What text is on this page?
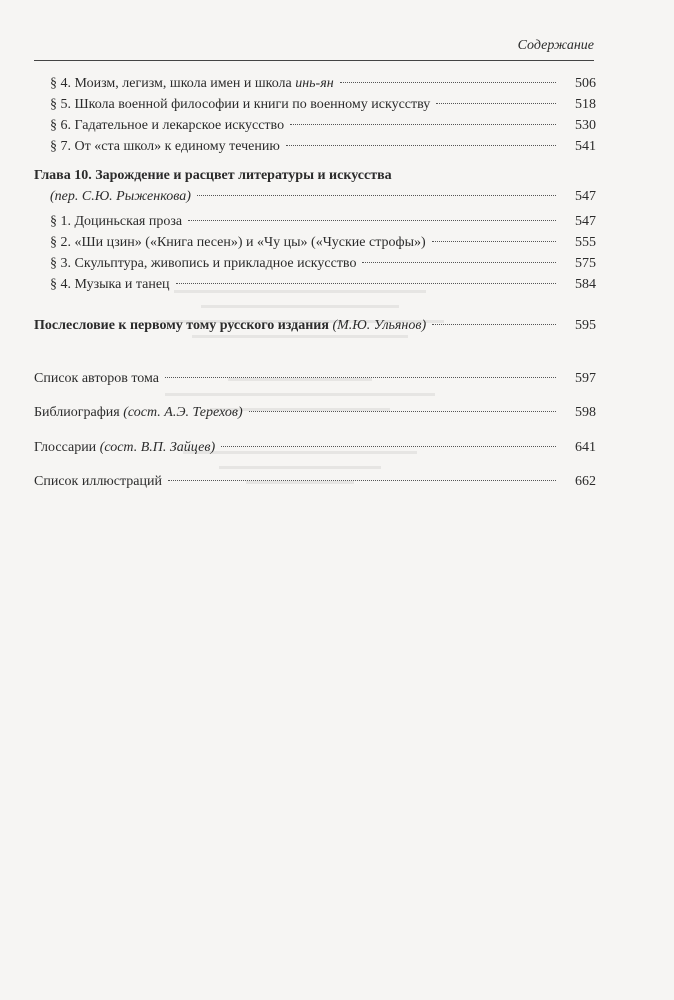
Содержание
§ 4. Моизм, легизм, школа имен и школа инь-ян	506
§ 5. Школа военной философии и книги по военному искусству	518
§ 6. Гадательное и лекарское искусство	530
§ 7. От «ста школ» к единому течению	541
Глава 10. Зарождение и расцвет литературы и искусства
(пер. С.Ю. Рыженкова)	547
§ 1. Доциньская проза	547
§ 2. «Ши цзин» («Книга песен») и «Чу цы» («Чуские строфы»)	555
§ 3. Скульптура, живопись и прикладное искусство	575
§ 4. Музыка и танец	584
Послесловие к первому тому русского издания (М.Ю. Ульянов)	595
Список авторов тома	597
Библиография (сост. А.Э. Терехов)	598
Глоссарии (сост. В.П. Зайцев)	641
Список иллюстраций	662
